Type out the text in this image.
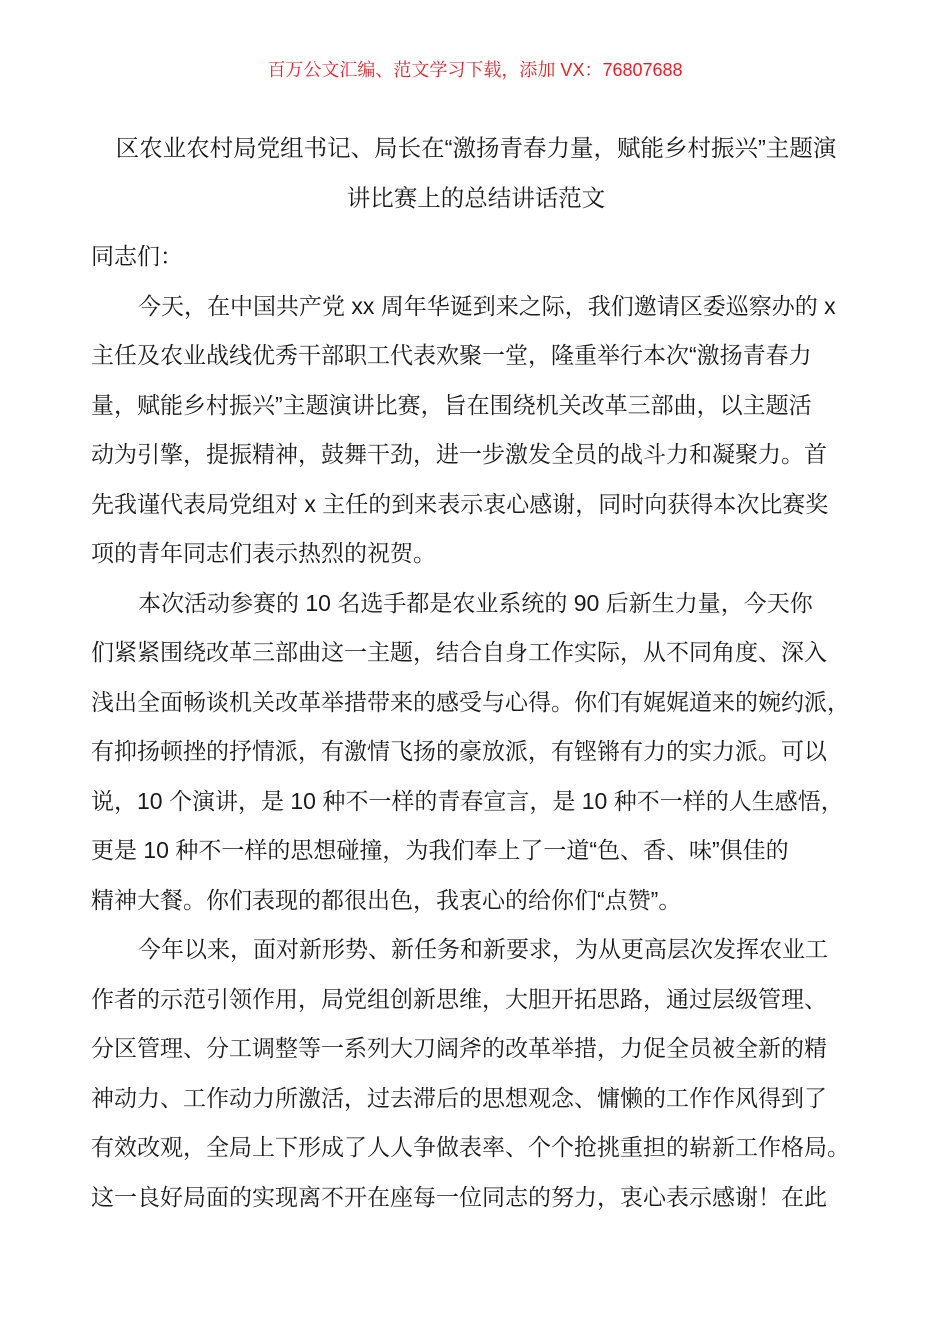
百万公文汇编、范文学习下载，添加 VX：76807688
区农业农村局党组书记、局长在“激扬青春力量，赋能乡村振兴”主题演
讲比赛上的总结讲话范文
同志们：
今天，在中国共产党 xx 周年华诞到来之际，我们邀请区委巡察办的 x
主任及农业战线优秀干部职工代表欢聚一堂，隆重举行本次“激扬青春力
量，赋能乡村振兴”主题演讲比赛，旨在围绕机关改革三部曲，以主题活
动为引擎，提振精神，鼓舞干劲，进一步激发全员的战斗力和凝聚力。首
先我谨代表局党组对 x 主任的到来表示衷心感谢，同时向获得本次比赛奖
项的青年同志们表示热烈的祝贺。
本次活动参赛的 10 名选手都是农业系统的 90 后新生力量，今天你
们紧紧围绕改革三部曲这一主题，结合自身工作实际，从不同角度、深入
浅出全面畅谈机关改革举措带来的感受与心得。你们有娓娓道来的婉约派，
有抑扬顿挫的抒情派，有激情飞扬的豪放派，有铿锵有力的实力派。可以
说，10 个演讲，是 10 种不一样的青春宣言，是 10 种不一样的人生感悟，
更是 10 种不一样的思想碰撞，为我们奉上了一道“色、香、味”俱佳的
精神大餐。你们表现的都很出色，我衷心的给你们“点赞”。
今年以来，面对新形势、新任务和新要求，为从更高层次发挥农业工
作者的示范引领作用，局党组创新思维，大胆开拓思路，通过层级管理、
分区管理、分工调整等一系列大刀阔斧的改革举措，力促全员被全新的精
神动力、工作动力所激活，过去滞后的思想观念、慵懒的工作作风得到了
有效改观，全局上下形成了人人争做表率、个个抢挑重担的崭新工作格局。
这一良好局面的实现离不开在座每一位同志的努力，衷心表示感谢！在此
